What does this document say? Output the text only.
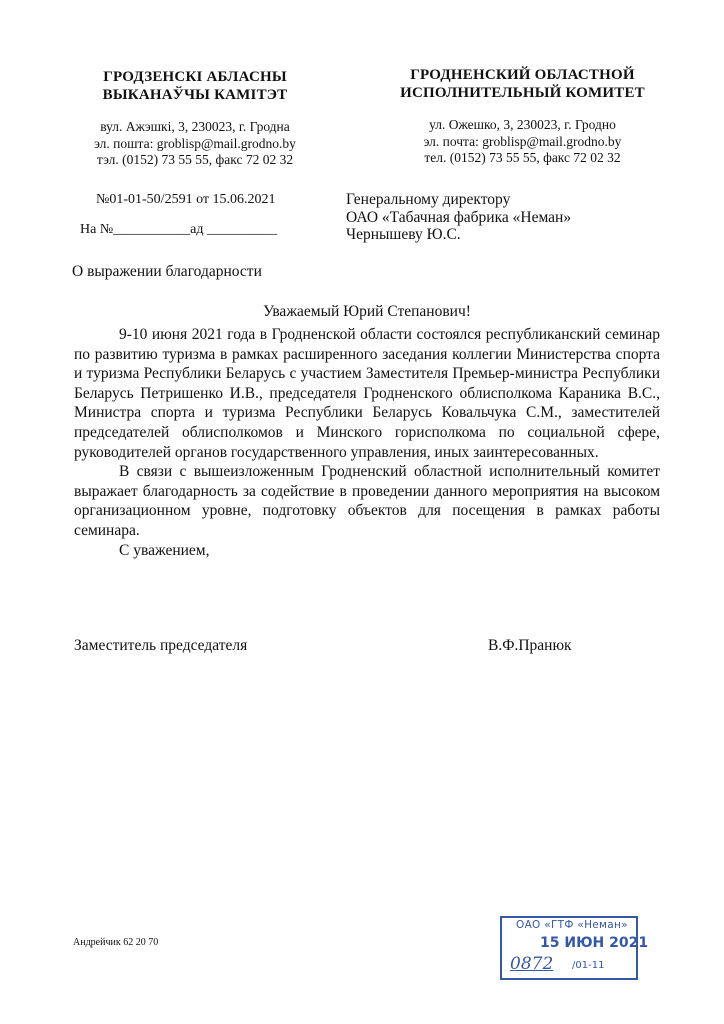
ГРОДЗЕНСКІ АБЛАСНЫ
ВЫКАНАЎЧЫ КАМІТЭТ
вул. Ажэшкі, 3, 230023, г. Гродна
эл. пошта: groblisp@mail.grodno.by
тэл. (0152) 73 55 55, факс 72 02 32
ГРОДНЕНСКИЙ ОБЛАСТНОЙ
ИСПОЛНИТЕЛЬНЫЙ КОМИТЕТ
ул. Ожешко, 3, 230023, г. Гродно
эл. почта: groblisp@mail.grodno.by
тел. (0152) 73 55 55, факс 72 02 32
№01-01-50/2591 от 15.06.2021
На №___________ад __________
Генеральному директору
ОАО «Табачная фабрика «Неман»
Чернышеву Ю.С.
О выражении благодарности
Уважаемый Юрий Степанович!

9-10 июня 2021 года в Гродненской области состоялся республиканский семинар по развитию туризма в рамках расширенного заседания коллегии Министерства спорта и туризма Республики Беларусь с участием Заместителя Премьер-министра Республики Беларусь Петришенко И.В., председателя Гродненского облисполкома Караника В.С., Министра спорта и туризма Республики Беларусь Ковальчука С.М., заместителей председателей облисполкомов и Минского горисполкома по социальной сфере, руководителей органов государственного управления, иных заинтересованных.

В связи с вышеизложенным Гродненский областной исполнительный комитет выражает благодарность за содействие в проведении данного мероприятия на высоком организационном уровне, подготовку объектов для посещения в рамках работы семинара.

С уважением,

Заместитель председателя	В.Ф.Пранюк
Андрейчик 62 20 70
ОАО «ГТФ «Неман»
15 ИЮН 2021
0872 /01-11
